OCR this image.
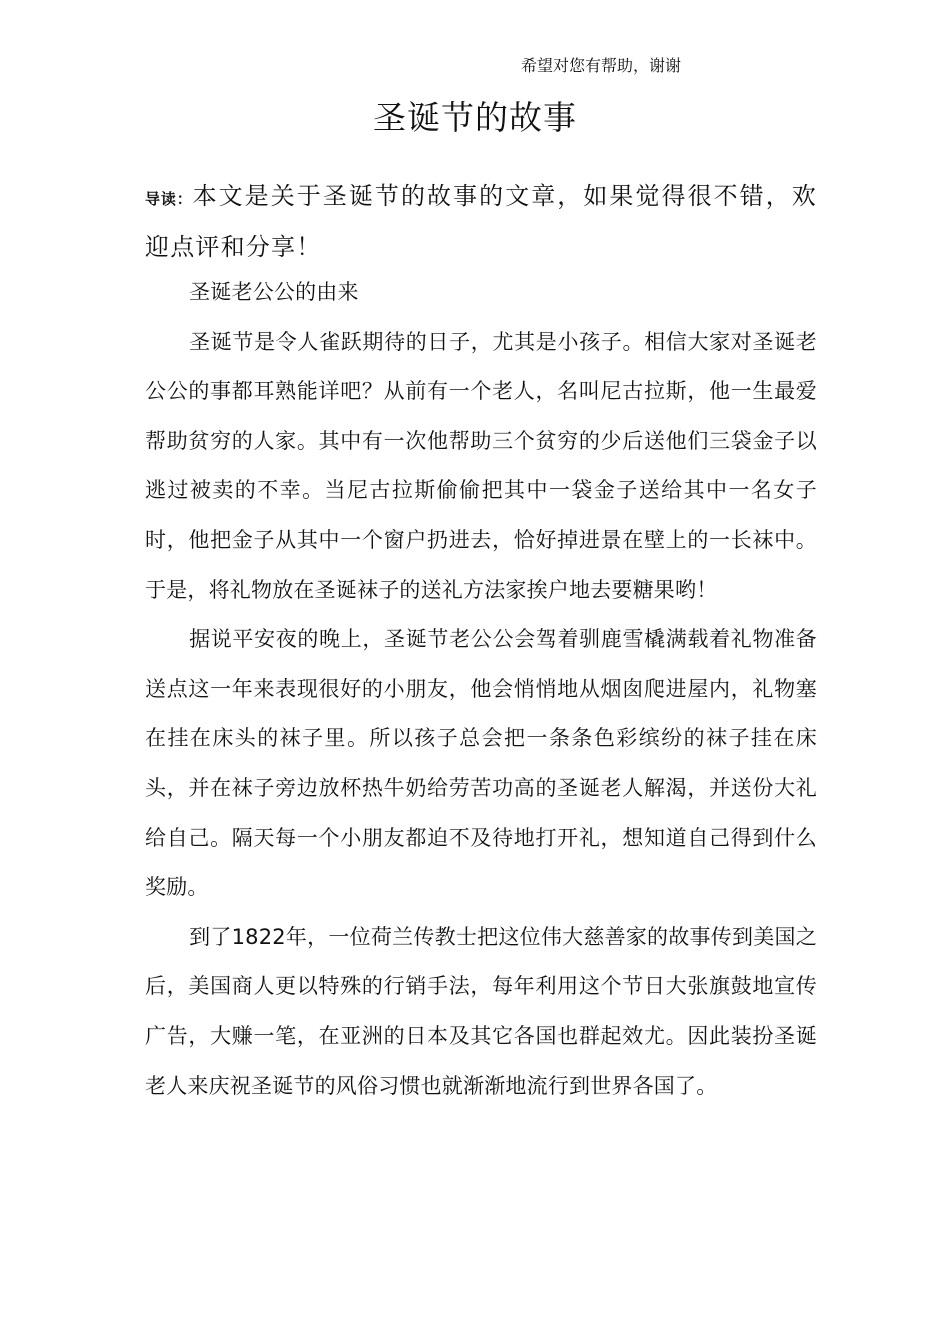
希望对您有帮助，谢谢
圣诞节的故事
导读：本文是关于圣诞节的故事的文章，如果觉得很不错，欢迎点评和分享！

圣诞老公公的由来

圣诞节是令人雀跃期待的日子，尤其是小孩子。相信大家对圣诞老公公的事都耳熟能详吧？从前有一个老人，名叫尼古拉斯，他一生最爱帮助贫穷的人家。其中有一次他帮助三个贫穷的少后送他们三袋金子以逃过被卖的不幸。当尼古拉斯偷偷把其中一袋金子送给其中一名女子时，他把金子从其中一个窗户扔进去，恰好掉进景在壁上的一长袜中。于是，将礼物放在圣诞袜子的送礼方法家挨户地去要糖果哟！

据说平安夜的晚上，圣诞节老公公会驾着驯鹿雪橇满载着礼物准备送点这一年来表现很好的小朋友，他会悄悄地从烟囱爬进屋内，礼物塞在挂在床头的袜子里。所以孩子总会把一条条色彩缤纷的袜子挂在床头，并在袜子旁边放杯热牛奶给劳苦功高的圣诞老人解渴，并送份大礼给自己。隔天每一个小朋友都迫不及待地打开礼，想知道自己得到什么奖励。

到了1822年，一位荷兰传教士把这位伟大慈善家的故事传到美国之后，美国商人更以特殊的行销手法，每年利用这个节日大张旗鼓地宣传广告，大赚一笔，在亚洲的日本及其它各国也群起效尤。因此装扮圣诞老人来庆祝圣诞节的风俗习惯也就渐渐地流行到世界各国了。
